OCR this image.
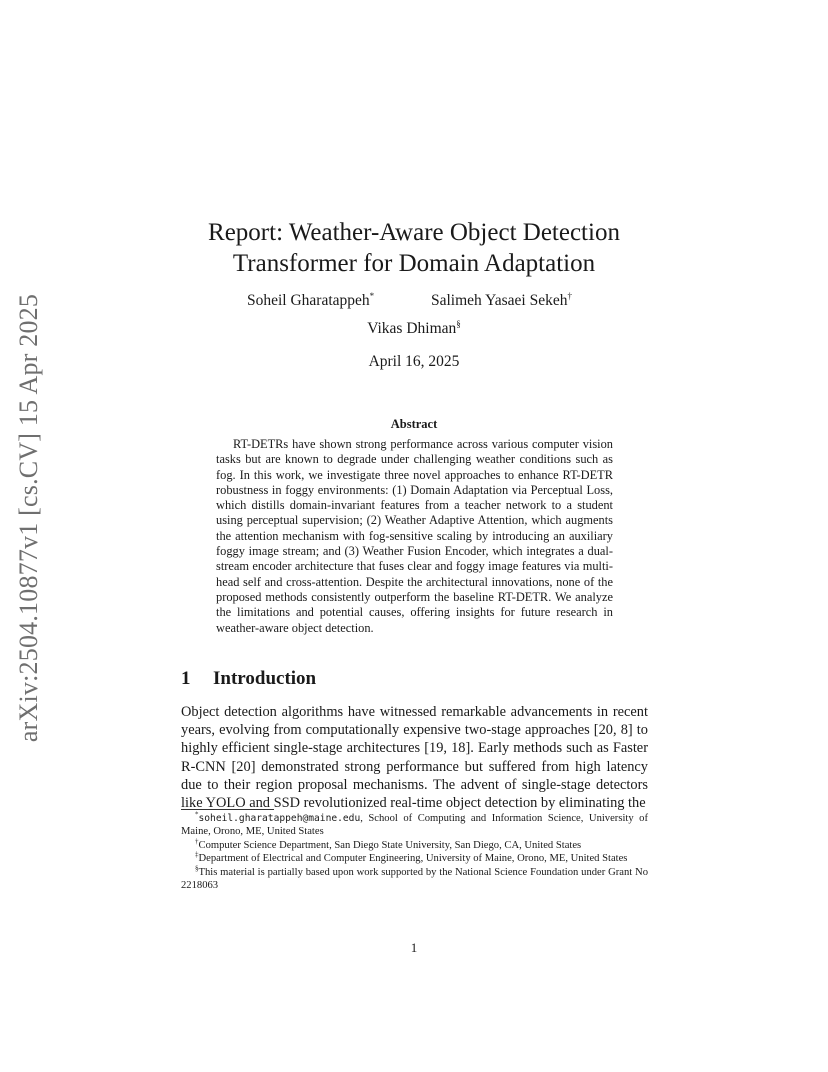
arXiv:2504.10877v1 [cs.CV] 15 Apr 2025
Report: Weather-Aware Object Detection
Transformer for Domain Adaptation
Soheil Gharatappeh*	Salimeh Yasaei Sekeh†
Vikas Dhiman§
April 16, 2025
Abstract

RT-DETRs have shown strong performance across various computer vision tasks but are known to degrade under challenging weather conditions such as fog. In this work, we investigate three novel approaches to enhance RT-DETR robustness in foggy environments: (1) Domain Adaptation via Perceptual Loss, which distills domain-invariant features from a teacher network to a student using perceptual supervision; (2) Weather Adaptive Attention, which augments the attention mechanism with fog-sensitive scaling by introducing an auxiliary foggy image stream; and (3) Weather Fusion Encoder, which integrates a dual-stream encoder architecture that fuses clear and foggy image features via multi-head self and cross-attention. Despite the architectural innovations, none of the proposed methods consistently outperform the baseline RT-DETR. We analyze the limitations and potential causes, offering insights for future research in weather-aware object detection.

1 Introduction

Object detection algorithms have witnessed remarkable advancements in recent years, evolving from computationally expensive two-stage approaches [20, 8] to highly efficient single-stage architectures [19, 18]. Early methods such as Faster R-CNN [20] demonstrated strong performance but suffered from high latency due to their region proposal mechanisms. The advent of single-stage detectors like YOLO and SSD revolutionized real-time object detection by eliminating the

*soheil.gharatappeh@maine.edu, School of Computing and Information Science, University of Maine, Orono, ME, United States

†Computer Science Department, San Diego State University, San Diego, CA, United States

‡Department of Electrical and Computer Engineering, University of Maine, Orono, ME, United States

§This material is partially based upon work supported by the National Science Foundation under Grant No 2218063

1
